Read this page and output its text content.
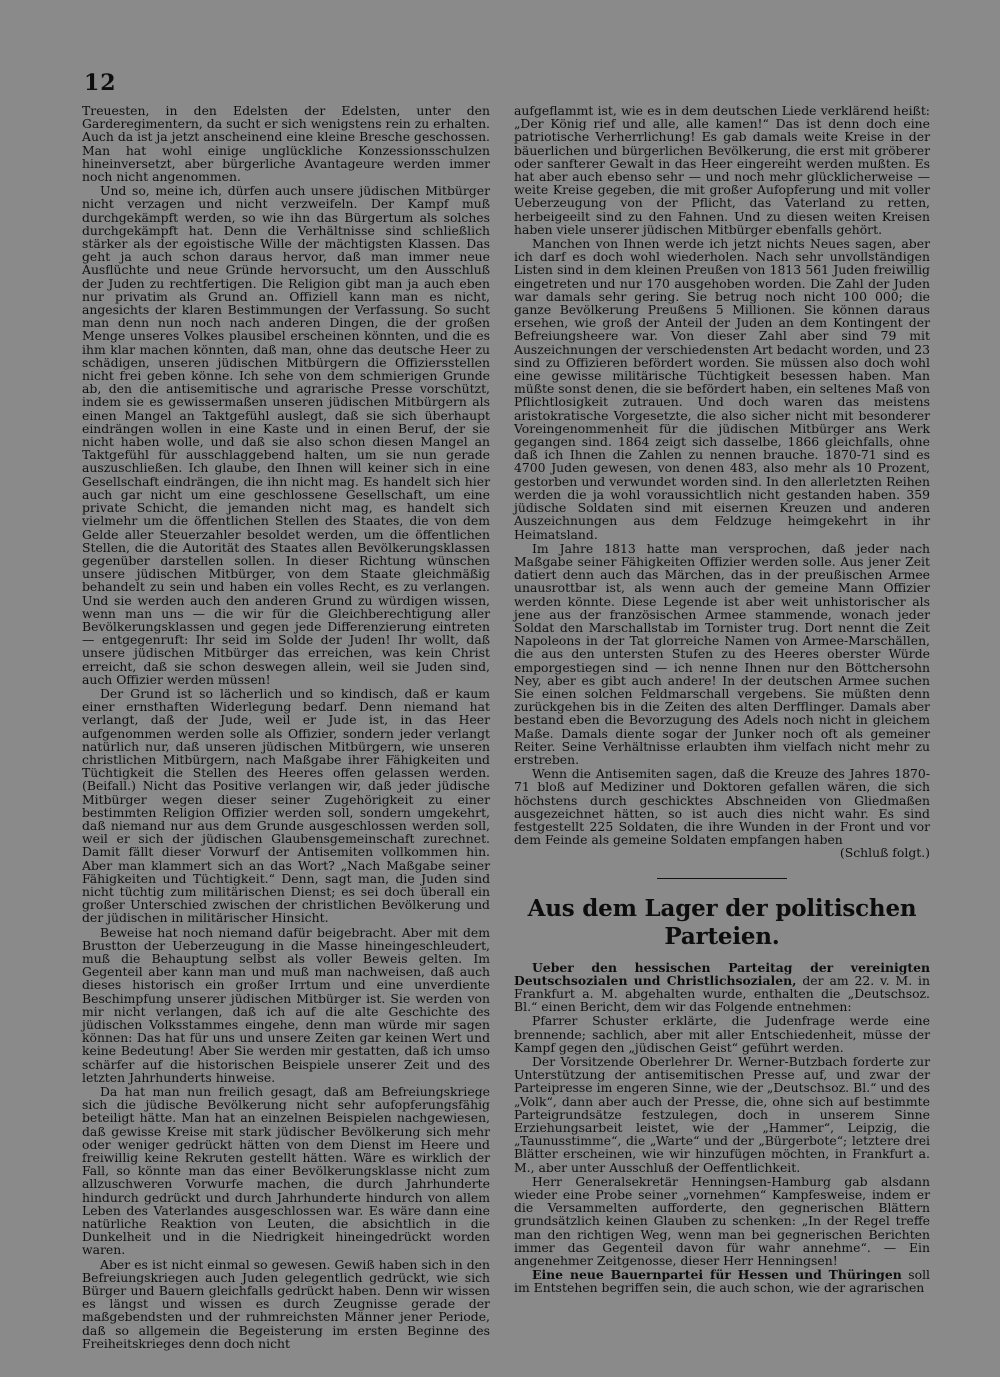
12

Treuesten, in den Edelsten der Edelsten, unter den Garderegimentern, da sucht er sich wenigstens rein zu erhalten. Auch da ist ja jetzt anscheinend eine kleine Bresche geschossen. Man hat wohl einige unglückliche Konzessionsschulzen hineinversetzt, aber bürgerliche Avantageure werden immer noch nicht angenommen.

Und so, meine ich, dürfen auch unsere jüdischen Mitbürger nicht verzagen und nicht verzweifeln. Der Kampf muß durchgekämpft werden, so wie ihn das Bürgertum als solches durchgekämpft hat. Denn die Verhältnisse sind schließlich stärker als der egoistische Wille der mächtigsten Klassen. Das geht ja auch schon daraus hervor, daß man immer neue Ausflüchte und neue Gründe hervorsucht, um den Ausschluß der Juden zu rechtfertigen. Die Religion gibt man ja auch eben nur privatim als Grund an. Offiziell kann man es nicht, angesichts der klaren Bestimmungen der Verfassung. So sucht man denn nun noch nach anderen Dingen, die der großen Menge unseres Volkes plausibel erscheinen könnten, und die es ihm klar machen könnten, daß man, ohne das deutsche Heer zu schädigen, unseren jüdischen Mitbürgern die Offiziersstellen nicht frei geben könne. Ich sehe von dem schmierigen Grunde ab, den die antisemitische und agrarische Presse vorschützt, indem sie es gewissermaßen unseren jüdischen Mitbürgern als einen Mangel an Taktgefühl auslegt, daß sie sich überhaupt eindrängen wollen in eine Kaste und in einen Beruf, der sie nicht haben wolle, und daß sie also schon diesen Mangel an Taktgefühl für ausschlaggebend halten, um sie nun gerade auszuschließen. Ich glaube, den Ihnen will keiner sich in eine Gesellschaft eindrängen, die ihn nicht mag. Es handelt sich hier auch gar nicht um eine geschlossene Gesellschaft, um eine private Schicht, die jemanden nicht mag, es handelt sich vielmehr um die öffentlichen Stellen des Staates, die von dem Gelde aller Steuerzahler besoldet werden, um die öffentlichen Stellen, die die Autorität des Staates allen Bevölkerungsklassen gegenüber darstellen sollen. In dieser Richtung wünschen unsere jüdischen Mitbürger, von dem Staate gleichmäßig behandelt zu sein und haben ein volles Recht, es zu verlangen. Und sie werden auch den anderen Grund zu würdigen wissen, wenn man uns — die wir für die Gleichberechtigung aller Bevölkerungsklassen und gegen jede Differenzierung eintreten — entgegenruft: Ihr seid im Solde der Juden! Ihr wollt, daß unsere jüdischen Mitbürger das erreichen, was kein Christ erreicht, daß sie schon deswegen allein, weil sie Juden sind, auch Offizier werden müssen!

Der Grund ist so lächerlich und so kindisch, daß er kaum einer ernsthaften Widerlegung bedarf. Denn niemand hat verlangt, daß der Jude, weil er Jude ist, in das Heer aufgenommen werden solle als Offizier, sondern jeder verlangt natürlich nur, daß unseren jüdischen Mitbürgern, wie unseren christlichen Mitbürgern, nach Maßgabe ihrer Fähigkeiten und Tüchtigkeit die Stellen des Heeres offen gelassen werden. (Beifall.) Nicht das Positive verlangen wir, daß jeder jüdische Mitbürger wegen dieser seiner Zugehörigkeit zu einer bestimmten Religion Offizier werden soll, sondern umgekehrt, daß niemand nur aus dem Grunde ausgeschlossen werden soll, weil er sich der jüdischen Glaubensgemeinschaft zurechnet. Damit fällt dieser Vorwurf der Antisemiten vollkommen hin. Aber man klammert sich an das Wort? „Nach Maßgabe seiner Fähigkeiten und Tüchtigkeit.“ Denn, sagt man, die Juden sind nicht tüchtig zum militärischen Dienst; es sei doch überall ein großer Unterschied zwischen der christlichen Bevölkerung und der jüdischen in militärischer Hinsicht.

Beweise hat noch niemand dafür beigebracht. Aber mit dem Brustton der Ueberzeugung in die Masse hineingeschleudert, muß die Behauptung selbst als voller Beweis gelten. Im Gegenteil aber kann man und muß man nachweisen, daß auch dieses historisch ein großer Irrtum und eine unverdiente Beschimpfung unserer jüdischen Mitbürger ist. Sie werden von mir nicht verlangen, daß ich auf die alte Geschichte des jüdischen Volksstammes eingehe, denn man würde mir sagen können: Das hat für uns und unsere Zeiten gar keinen Wert und keine Bedeutung! Aber Sie werden mir gestatten, daß ich umso schärfer auf die historischen Beispiele unserer Zeit und des letzten Jahrhunderts hinweise.

Da hat man nun freilich gesagt, daß am Befreiungskriege sich die jüdische Bevölkerung nicht sehr aufopferungsfähig beteiligt hätte. Man hat an einzelnen Beispielen nachgewiesen, daß gewisse Kreise mit stark jüdischer Bevölkerung sich mehr oder weniger gedrückt hätten von dem Dienst im Heere und freiwillig keine Rekruten gestellt hätten. Wäre es wirklich der Fall, so könnte man das einer Bevölkerungsklasse nicht zum allzuschweren Vorwurfe machen, die durch Jahrhunderte hindurch gedrückt und durch Jahrhunderte hindurch von allem Leben des Vaterlandes ausgeschlossen war. Es wäre dann eine natürliche Reaktion von Leuten, die absichtlich in die Dunkelheit und in die Niedrigkeit hineingedrückt worden waren.

Aber es ist nicht einmal so gewesen. Gewiß haben sich in den Befreiungskriegen auch Juden gelegentlich gedrückt, wie sich Bürger und Bauern gleichfalls gedrückt haben. Denn wir wissen es längst und wissen es durch Zeugnisse gerade der maßgebendsten und der ruhmreichsten Männer jener Periode, daß so allgemein die Begeisterung im ersten Beginne des Freiheitskrieges denn doch nicht

aufgeflammt ist, wie es in dem deutschen Liede verklärend heißt: „Der König rief und alle, alle kamen!“ Das ist denn doch eine patriotische Verherrlichung! Es gab damals weite Kreise in der bäuerlichen und bürgerlichen Bevölkerung, die erst mit gröberer oder sanfterer Gewalt in das Heer eingereiht werden mußten. Es hat aber auch ebenso sehr — und noch mehr glücklicherweise — weite Kreise gegeben, die mit großer Aufopferung und mit voller Ueberzeugung von der Pflicht, das Vaterland zu retten, herbeigeeilt sind zu den Fahnen. Und zu diesen weiten Kreisen haben viele unserer jüdischen Mitbürger ebenfalls gehört.

Manchen von Ihnen werde ich jetzt nichts Neues sagen, aber ich darf es doch wohl wiederholen. Nach sehr unvollständigen Listen sind in dem kleinen Preußen von 1813 561 Juden freiwillig eingetreten und nur 170 ausgehoben worden. Die Zahl der Juden war damals sehr gering. Sie betrug noch nicht 100 000; die ganze Bevölkerung Preußens 5 Millionen. Sie können daraus ersehen, wie groß der Anteil der Juden an dem Kontingent der Befreiungsheere war. Von dieser Zahl aber sind 79 mit Auszeichnungen der verschiedensten Art bedacht worden, und 23 sind zu Offizieren befördert worden. Sie müssen also doch wohl eine gewisse militärische Tüchtigkeit besessen haben. Man müßte sonst denen, die sie befördert haben, ein seltenes Maß von Pflichtlosigkeit zutrauen. Und doch waren das meistens aristokratische Vorgesetzte, die also sicher nicht mit besonderer Voreingenommenheit für die jüdischen Mitbürger ans Werk gegangen sind. 1864 zeigt sich dasselbe, 1866 gleichfalls, ohne daß ich Ihnen die Zahlen zu nennen brauche. 1870-71 sind es 4700 Juden gewesen, von denen 483, also mehr als 10 Prozent, gestorben und verwundet worden sind. In den allerletzten Reihen werden die ja wohl voraussichtlich nicht gestanden haben. 359 jüdische Soldaten sind mit eisernen Kreuzen und anderen Auszeichnungen aus dem Feldzuge heimgekehrt in ihr Heimatsland.

Im Jahre 1813 hatte man versprochen, daß jeder nach Maßgabe seiner Fähigkeiten Offizier werden solle. Aus jener Zeit datiert denn auch das Märchen, das in der preußischen Armee unausrottbar ist, als wenn auch der gemeine Mann Offizier werden könnte. Diese Legende ist aber weit unhistorischer als jene aus der französischen Armee stammende, wonach jeder Soldat den Marschallstab im Tornister trug. Dort nennt die Zeit Napoleons in der Tat glorreiche Namen von Armee-Marschällen, die aus den untersten Stufen zu des Heeres oberster Würde emporgestiegen sind — ich nenne Ihnen nur den Böttchersohn Ney, aber es gibt auch andere! In der deutschen Armee suchen Sie einen solchen Feldmarschall vergebens. Sie müßten denn zurückgehen bis in die Zeiten des alten Derfflinger. Damals aber bestand eben die Bevorzugung des Adels noch nicht in gleichem Maße. Damals diente sogar der Junker noch oft als gemeiner Reiter. Seine Verhältnisse erlaubten ihm vielfach nicht mehr zu erstreben.

Wenn die Antisemiten sagen, daß die Kreuze des Jahres 1870-71 bloß auf Mediziner und Doktoren gefallen wären, die sich höchstens durch geschicktes Abschneiden von Gliedmaßen ausgezeichnet hätten, so ist auch dies nicht wahr. Es sind festgestellt 225 Soldaten, die ihre Wunden in der Front und vor dem Feinde als gemeine Soldaten empfangen haben

(Schluß folgt.)
Aus dem Lager der politischen Parteien.

Ueber den hessischen Parteitag der vereinigten Deutschsozialen und Christlichsozialen, der am 22. v. M. in Frankfurt a. M. abgehalten wurde, enthalten die „Deutschsoz. Bl.“ einen Bericht, dem wir das Folgende entnehmen:

Pfarrer Schuster erklärte, die Judenfrage werde eine brennende; sachlich, aber mit aller Entschiedenheit, müsse der Kampf gegen den „jüdischen Geist“ geführt werden.

Der Vorsitzende Oberlehrer Dr. Werner-Butzbach forderte zur Unterstützung der antisemitischen Presse auf, und zwar der Parteipresse im engeren Sinne, wie der „Deutschsoz. Bl.“ und des „Volk“, dann aber auch der Presse, die, ohne sich auf bestimmte Parteigrundsätze festzulegen, doch in unserem Sinne Erziehungsarbeit leistet, wie der „Hammer“, Leipzig, die „Taunusstimme“, die „Warte“ und der „Bürgerbote“; letztere drei Blätter erscheinen, wie wir hinzufügen möchten, in Frankfurt a. M., aber unter Ausschluß der Oeffentlichkeit.

Herr Generalsekretär Henningsen-Hamburg gab alsdann wieder eine Probe seiner „vornehmen“ Kampfesweise, indem er die Versammelten aufforderte, den gegnerischen Blättern grundsätzlich keinen Glauben zu schenken: „In der Regel treffe man den richtigen Weg, wenn man bei gegnerischen Berichten immer das Gegenteil davon für wahr annehme“. — Ein angenehmer Zeitgenosse, dieser Herr Henningsen!

Eine neue Bauernpartei für Hessen und Thüringen soll im Entstehen begriffen sein, die auch schon, wie der agrarischen
